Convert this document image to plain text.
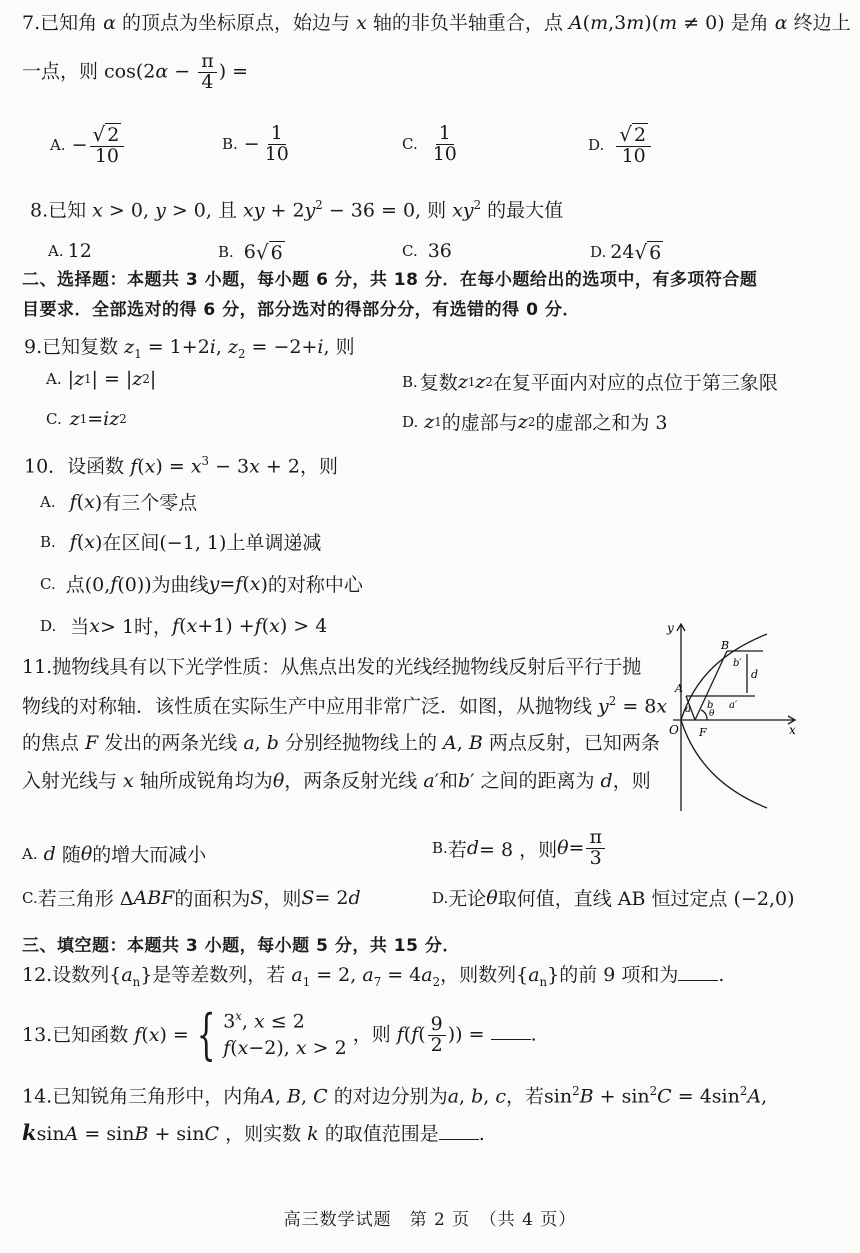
7.已知角 α 的顶点为坐标原点，始边与 x 轴的非负半轴重合，点 A(m,3m)(m ≠ 0) 是角 α 终边上
一点，则 $\cos(2\alpha - \frac{\pi}{4}$ ) =
A. − $\frac{√ 2}{10}$	B. − $\frac{1}{10}$	C. $\frac{1}{10}$	D. $\frac{√ 2}{10}$
8.已知 x > 0, y > 0, 且 xy + $2y^2 - 36 = 0$, 则 $xy^2$ 的最大值
A. 12	B. 6 √ 6	C. 36	D. 24 √ 6
二、选择题：本题共 3 小题，每小题 6 分，共 18 分．在每小题给出的选项中，有多项符合题
目要求．全部选对的得 6 分，部分选对的得部分分，有选错的得 0 分．
9.已知复数 $z_1 = 1+2i$, $z_2 = -2+i$, 则
A. | z 1 | = | z 2 |	B. 复数 z 1 z 2 在复平面内对应的点位于第三象限
C. z 1 = iz 2	D. z 1 的虚部与 z 2 的虚部之和为 3
10．设函数 $f(x) = x^3 - 3x + 2$，则
A. f ( x )有三个零点
B. f ( x )在区间(−1, 1)上单调递减
C. 点(0, f (0))为曲线 y = f ( x )的对称中心
D. 当 x > 1时， f ( x +1) + f ( x ) > 4
11.抛物线具有以下光学性质：从焦点出发的光线经抛物线反射后平行于抛
物线的对称轴．该性质在实际生产中应用非常广泛．如图，从抛物线 $y^2 = 8x$
的焦点 F 发出的两条光线 a, b 分别经抛物线上的 A, B 两点反射，已知两条
入射光线与 x 轴所成锐角均为θ，两条反射光线 a′和b′ 之间的距离为 d，则
y
x
O F
A
B
a b a′
b′
d
θ
A. d 随 θ 的增大而减小	B. 若 d = 8 ，则 $\theta = \frac{\pi}{3}$
C. 若三角形 Δ ABF 的面积为 S ，则 S = 2 d	D. 无论 θ 取何值，直线 AB 恒过定点 (−2,0)
三、填空题：本题共 3 小题，每小题 5 分，共 15 分．
12.设数列$\{a_n\}$是等差数列，若 $a_1 = 2$, $a_7 = 4a_2$，则数列$\{a_n\}$的前 9 项和为 .
13.已知函数 f(x) = { 3$^x$, x ≤ 2
f(x−2), x > 2
，则 $f(f( \frac{9}{2}$ )) = .
14.已知锐角三角形中，内角A, B, C 的对边分别为a, b, c，若$\sin^2B + \sin^2C = 4\sin^2A$,
ksinA = sinB + sinC ，则实数 k 的取值范围是 .
高三数学试题　第 2 页　（共 4 页）
